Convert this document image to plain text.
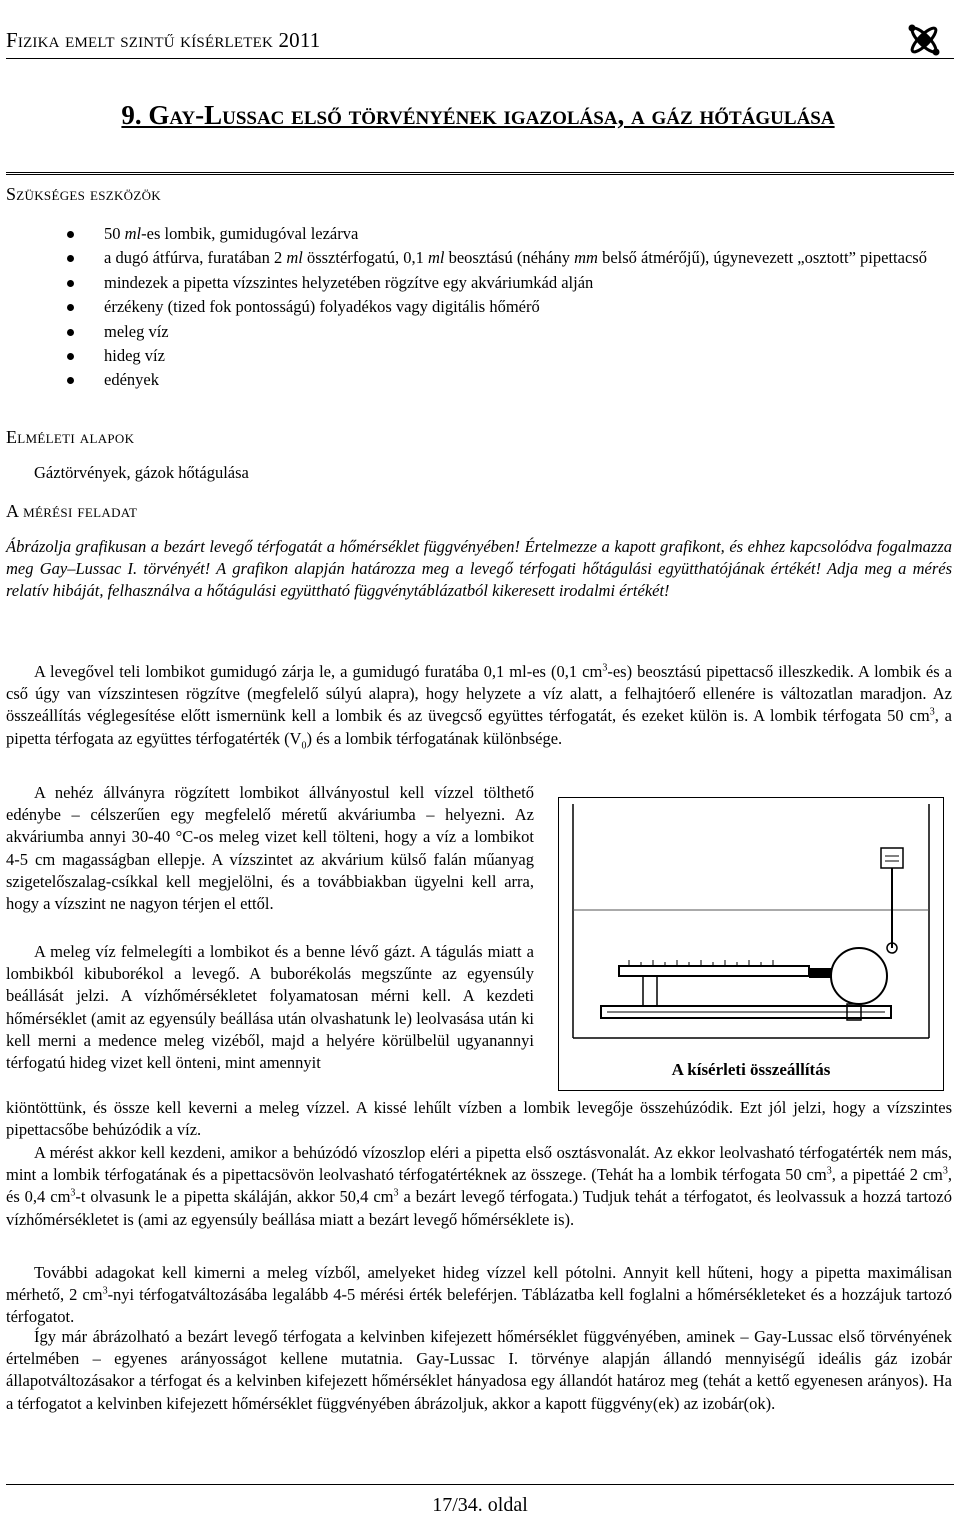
Fizika emelt szintű kísérletek 2011
9. Gay-Lussac első törvényének igazolása, a gáz hőtágulása
Szükséges eszközök
50 ml-es lombik, gumidugóval lezárva
a dugó átfúrva, furatában 2 ml össztérfogatú, 0,1 ml beosztású (néhány mm belső átmérőjű), úgynevezett „osztott” pipettacső
mindezek a pipetta vízszintes helyzetében rögzítve egy akváriumkád alján
érzékeny (tized fok pontosságú) folyadékos vagy digitális hőmérő
meleg víz
hideg víz
edények
Elméleti alapok
Gáztörvények, gázok hőtágulása
A mérési feladat
Ábrázolja grafikusan a bezárt levegő térfogatát a hőmérséklet függvényében! Értelmezze a kapott grafikont, és ehhez kapcsolódva fogalmazza meg Gay–Lussac I. törvényét! A grafikon alapján határozza meg a levegő térfogati hőtágulási együtthatójának értékét! Adja meg a mérés relatív hibáját, felhasználva a hőtágulási együttható függvénytáblázatból kikeresett irodalmi értékét!
A levegővel teli lombikot gumidugó zárja le, a gumidugó furatába 0,1 ml-es (0,1 $cm^3-es$) beosztású pipettacső illeszkedik. A lombik és a cső úgy van vízszintesen rögzítve (megfelelő súlyú alapra), hogy helyzete a víz alatt, a felhajtóerő ellenére is változatlan maradjon. Az összeállítás véglegesítése előtt ismernünk kell a lombik és az üvegcső együttes térfogatát, és ezeket külön is. A lombik térfogata 50 $cm^3$, a pipetta térfogata az együttes térfogatérték $(V_0)$ és a lombik térfogatának különbsége.
A nehéz állványra rögzített lombikot állványostul kell vízzel tölthető edénybe – célszerűen egy megfelelő méretű akváriumba – helyezni. Az akváriumba annyi 30-40 °C-os meleg vizet kell tölteni, hogy a víz a lombikot 4-5 cm magasságban ellepje. A vízszintet az akvárium külső falán műanyag szigetelőszalag-csíkkal kell megjelölni, és a továbbiakban ügyelni kell arra, hogy a vízszint ne nagyon térjen el ettől.
A meleg víz felmelegíti a lombikot és a benne lévő gázt. A tágulás miatt a lombikból kibuborékol a levegő. A buborékolás megszűnte az egyensúly beállását jelzi. A vízhőmérsékletet folyamatosan mérni kell. A kezdeti hőmérséklet (amit az egyensúly beállása után olvashatunk le) leolvasása után ki kell merni a medence meleg vizéből, majd a helyére körülbelül ugyanannyi térfogatú hideg vizet kell önteni, mint amennyit	A kísérleti összeállítás
kiöntöttünk, és össze kell keverni a meleg vízzel. A kissé lehűlt vízben a lombik levegője összehúzódik. Ezt jól jelzi, hogy a vízszintes pipettacsőbe behúzódik a víz.
A mérést akkor kell kezdeni, amikor a behúzódó vízoszlop eléri a pipetta első osztásvonalát. Az ekkor leolvasható térfogatérték nem más, mint a lombik térfogatának és a pipettacsövön leolvasható térfogatértéknek az összege. (Tehát ha a lombik térfogata 50 $cm^3$, a pipettáé 2 $cm^3$, és 0,4 $cm^3-t$ olvasunk le a pipetta skáláján, akkor 50,4 $cm^3$ a bezárt levegő térfogata.) Tudjuk tehát a térfogatot, és leolvassuk a hozzá tartozó vízhőmérsékletet is (ami az egyensúly beállása miatt a bezárt levegő hőmérséklete is).
További adagokat kell kimerni a meleg vízből, amelyeket hideg vízzel kell pótolni. Annyit kell hűteni, hogy a pipetta maximálisan mérhető, 2 $cm^3$-nyi térfogatváltozásába legalább 4-5 mérési érték beleférjen. Táblázatba kell foglalni a hőmérsékleteket és a hozzájuk tartozó térfogatot.
Így már ábrázolható a bezárt levegő térfogata a kelvinben kifejezett hőmérséklet függvényében, aminek – Gay-Lussac első törvényének értelmében – egyenes arányosságot kellene mutatnia. Gay-Lussac I. törvénye alapján állandó mennyiségű ideális gáz izobár állapotváltozásakor a térfogat és a kelvinben kifejezett hőmérséklet hányadosa egy állandót határoz meg (tehát a kettő egyenesen arányos). Ha a térfogatot a kelvinben kifejezett hőmérséklet függvényében ábrázoljuk, akkor a kapott függvény(ek) az izobár(ok).
17/34. oldal
